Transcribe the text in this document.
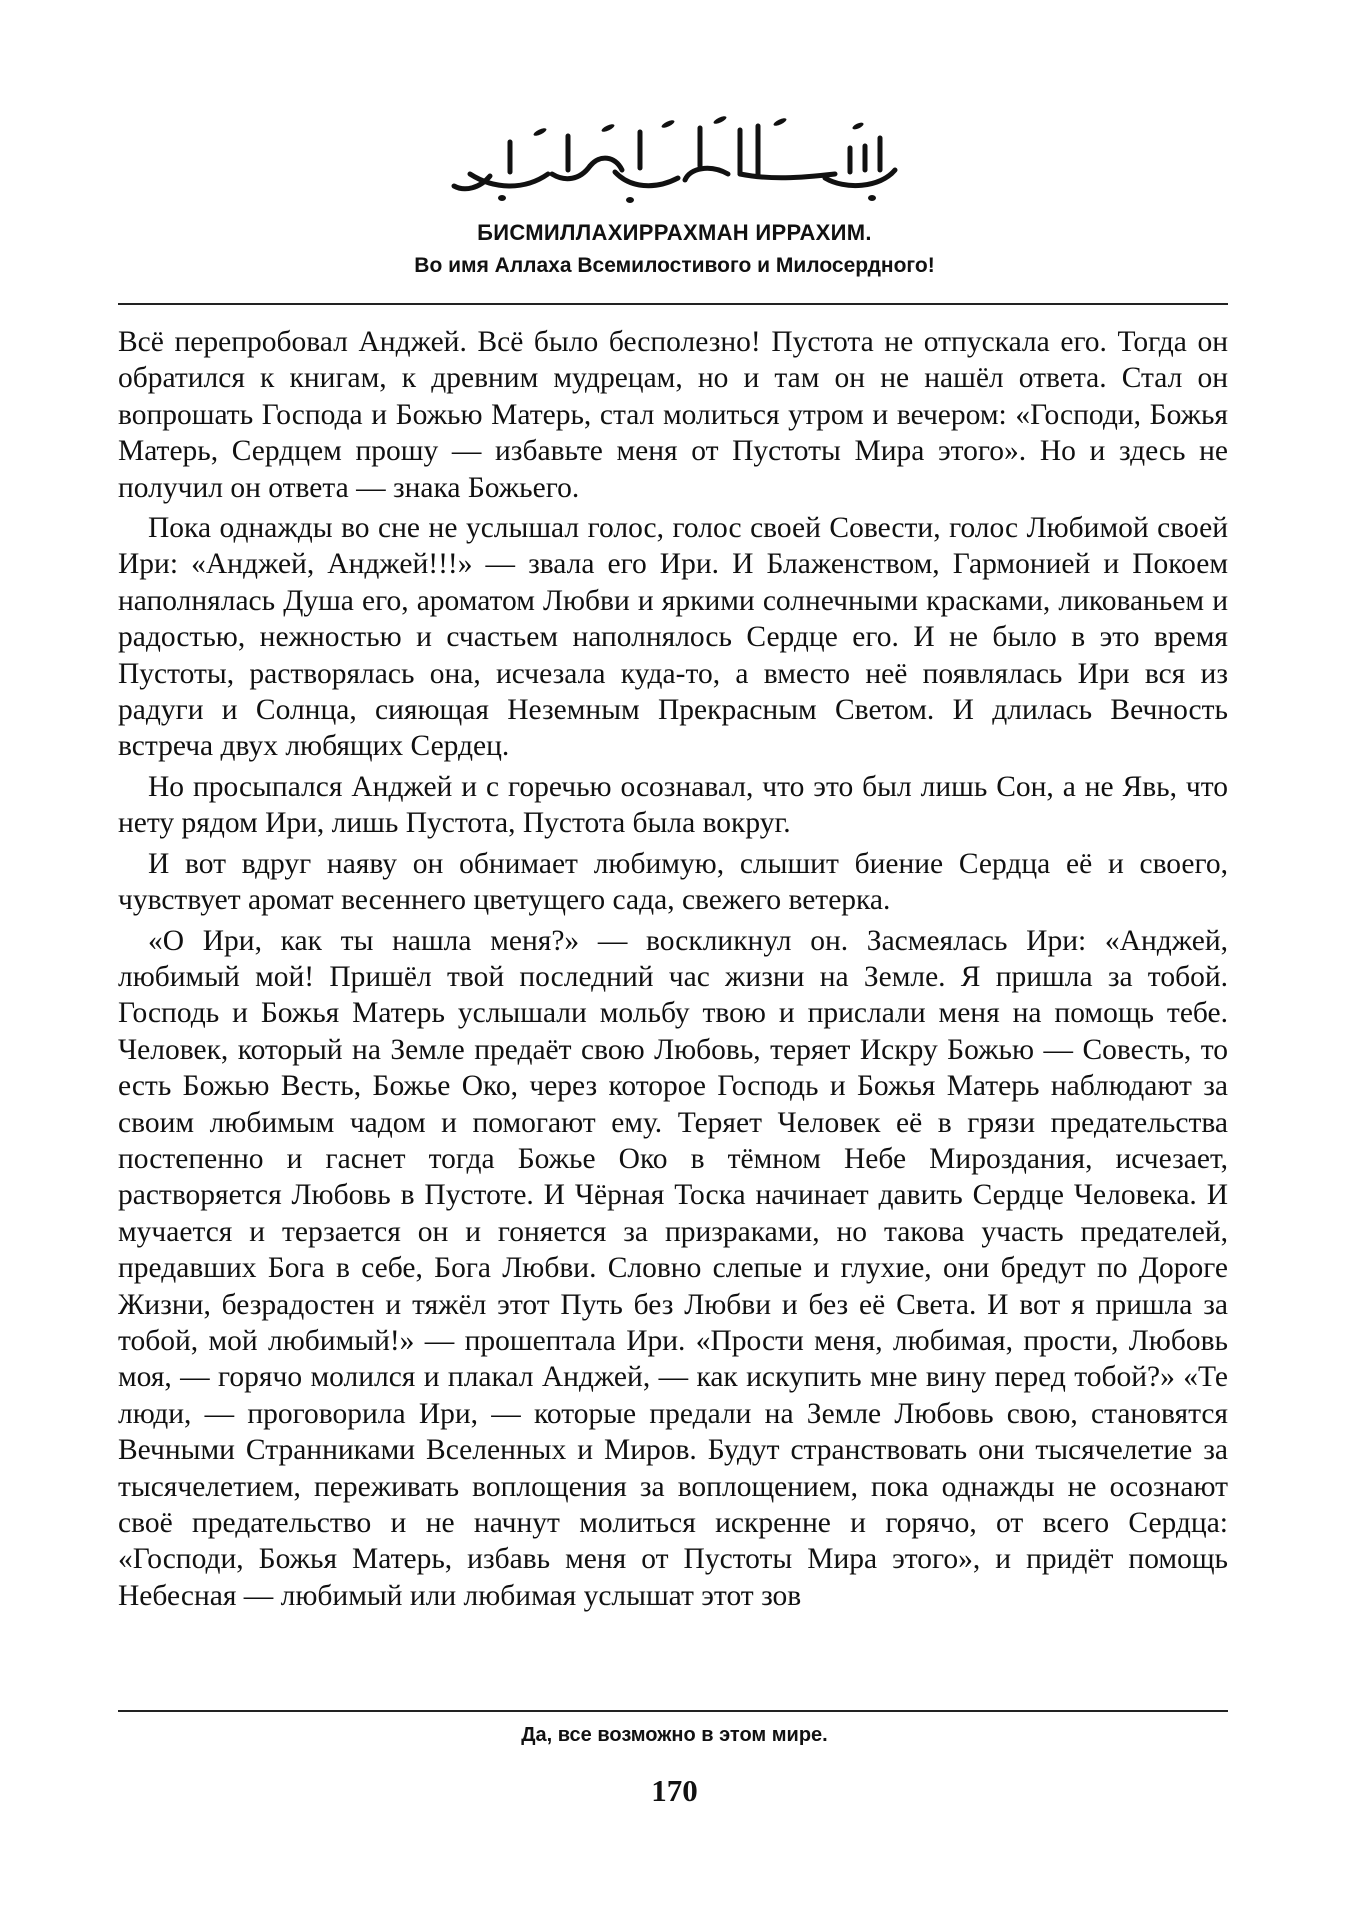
БИСМИЛЛАХИРРАХМАН ИРРАХИМ.
Во имя Аллаха Всемилостивого и Милосердного!

Всё перепробовал Анджей. Всё было бесполезно! Пустота не отпускала его. Тогда он обратился к книгам, к древним мудрецам, но и там он не нашёл ответа. Стал он вопрошать Господа и Божью Матерь, стал молиться утром и вечером: «Господи, Божья Матерь, Сердцем прошу — избавьте меня от Пустоты Мира этого». Но и здесь не получил он ответа — знака Божьего.

Пока однажды во сне не услышал голос, голос своей Совести, голос Любимой своей Ири: «Анджей, Анджей!!!» — звала его Ири. И Блаженством, Гармонией и Покоем наполнялась Душа его, ароматом Любви и яркими солнечными красками, ликованьем и радостью, нежностью и счастьем наполнялось Сердце его. И не было в это время Пустоты, растворялась она, исчезала куда-то, а вместо неё появлялась Ири вся из радуги и Солнца, сияющая Неземным Прекрасным Светом. И длилась Вечность встреча двух любящих Сердец.

Но просыпался Анджей и с горечью осознавал, что это был лишь Сон, а не Явь, что нету рядом Ири, лишь Пустота, Пустота была вокруг.

И вот вдруг наяву он обнимает любимую, слышит биение Сердца её и своего, чувствует аромат весеннего цветущего сада, свежего ветерка.

«О Ири, как ты нашла меня?» — воскликнул он. Засмеялась Ири: «Анджей, любимый мой! Пришёл твой последний час жизни на Земле. Я пришла за тобой. Господь и Божья Матерь услышали мольбу твою и прислали меня на помощь тебе. Человек, который на Земле предаёт свою Любовь, теряет Искру Божью — Совесть, то есть Божью Весть, Божье Око, через которое Господь и Божья Матерь наблюдают за своим любимым чадом и помогают ему. Теряет Человек её в грязи предательства постепенно и гаснет тогда Божье Око в тёмном Небе Мироздания, исчезает, растворяется Любовь в Пустоте. И Чёрная Тоска начинает давить Сердце Человека. И мучается и терзается он и гоняется за призраками, но такова участь предателей, предавших Бога в себе, Бога Любви. Словно слепые и глухие, они бредут по Дороге Жизни, безрадостен и тяжёл этот Путь без Любви и без её Света. И вот я пришла за тобой, мой любимый!» — прошептала Ири. «Прости меня, любимая, прости, Любовь моя, — горячо молился и плакал Анджей, — как искупить мне вину перед тобой?» «Те люди, — проговорила Ири, — которые предали на Земле Любовь свою, становятся Вечными Странниками Вселенных и Миров. Будут странствовать они тысячелетие за тысячелетием, переживать воплощения за воплощением, пока однажды не осознают своё предательство и не начнут молиться искренне и горячо, от всего Сердца: «Господи, Божья Матерь, избавь меня от Пустоты Мира этого», и придёт помощь Небесная — любимый или любимая услышат этот зов

Да, все возможно в этом мире.
170
